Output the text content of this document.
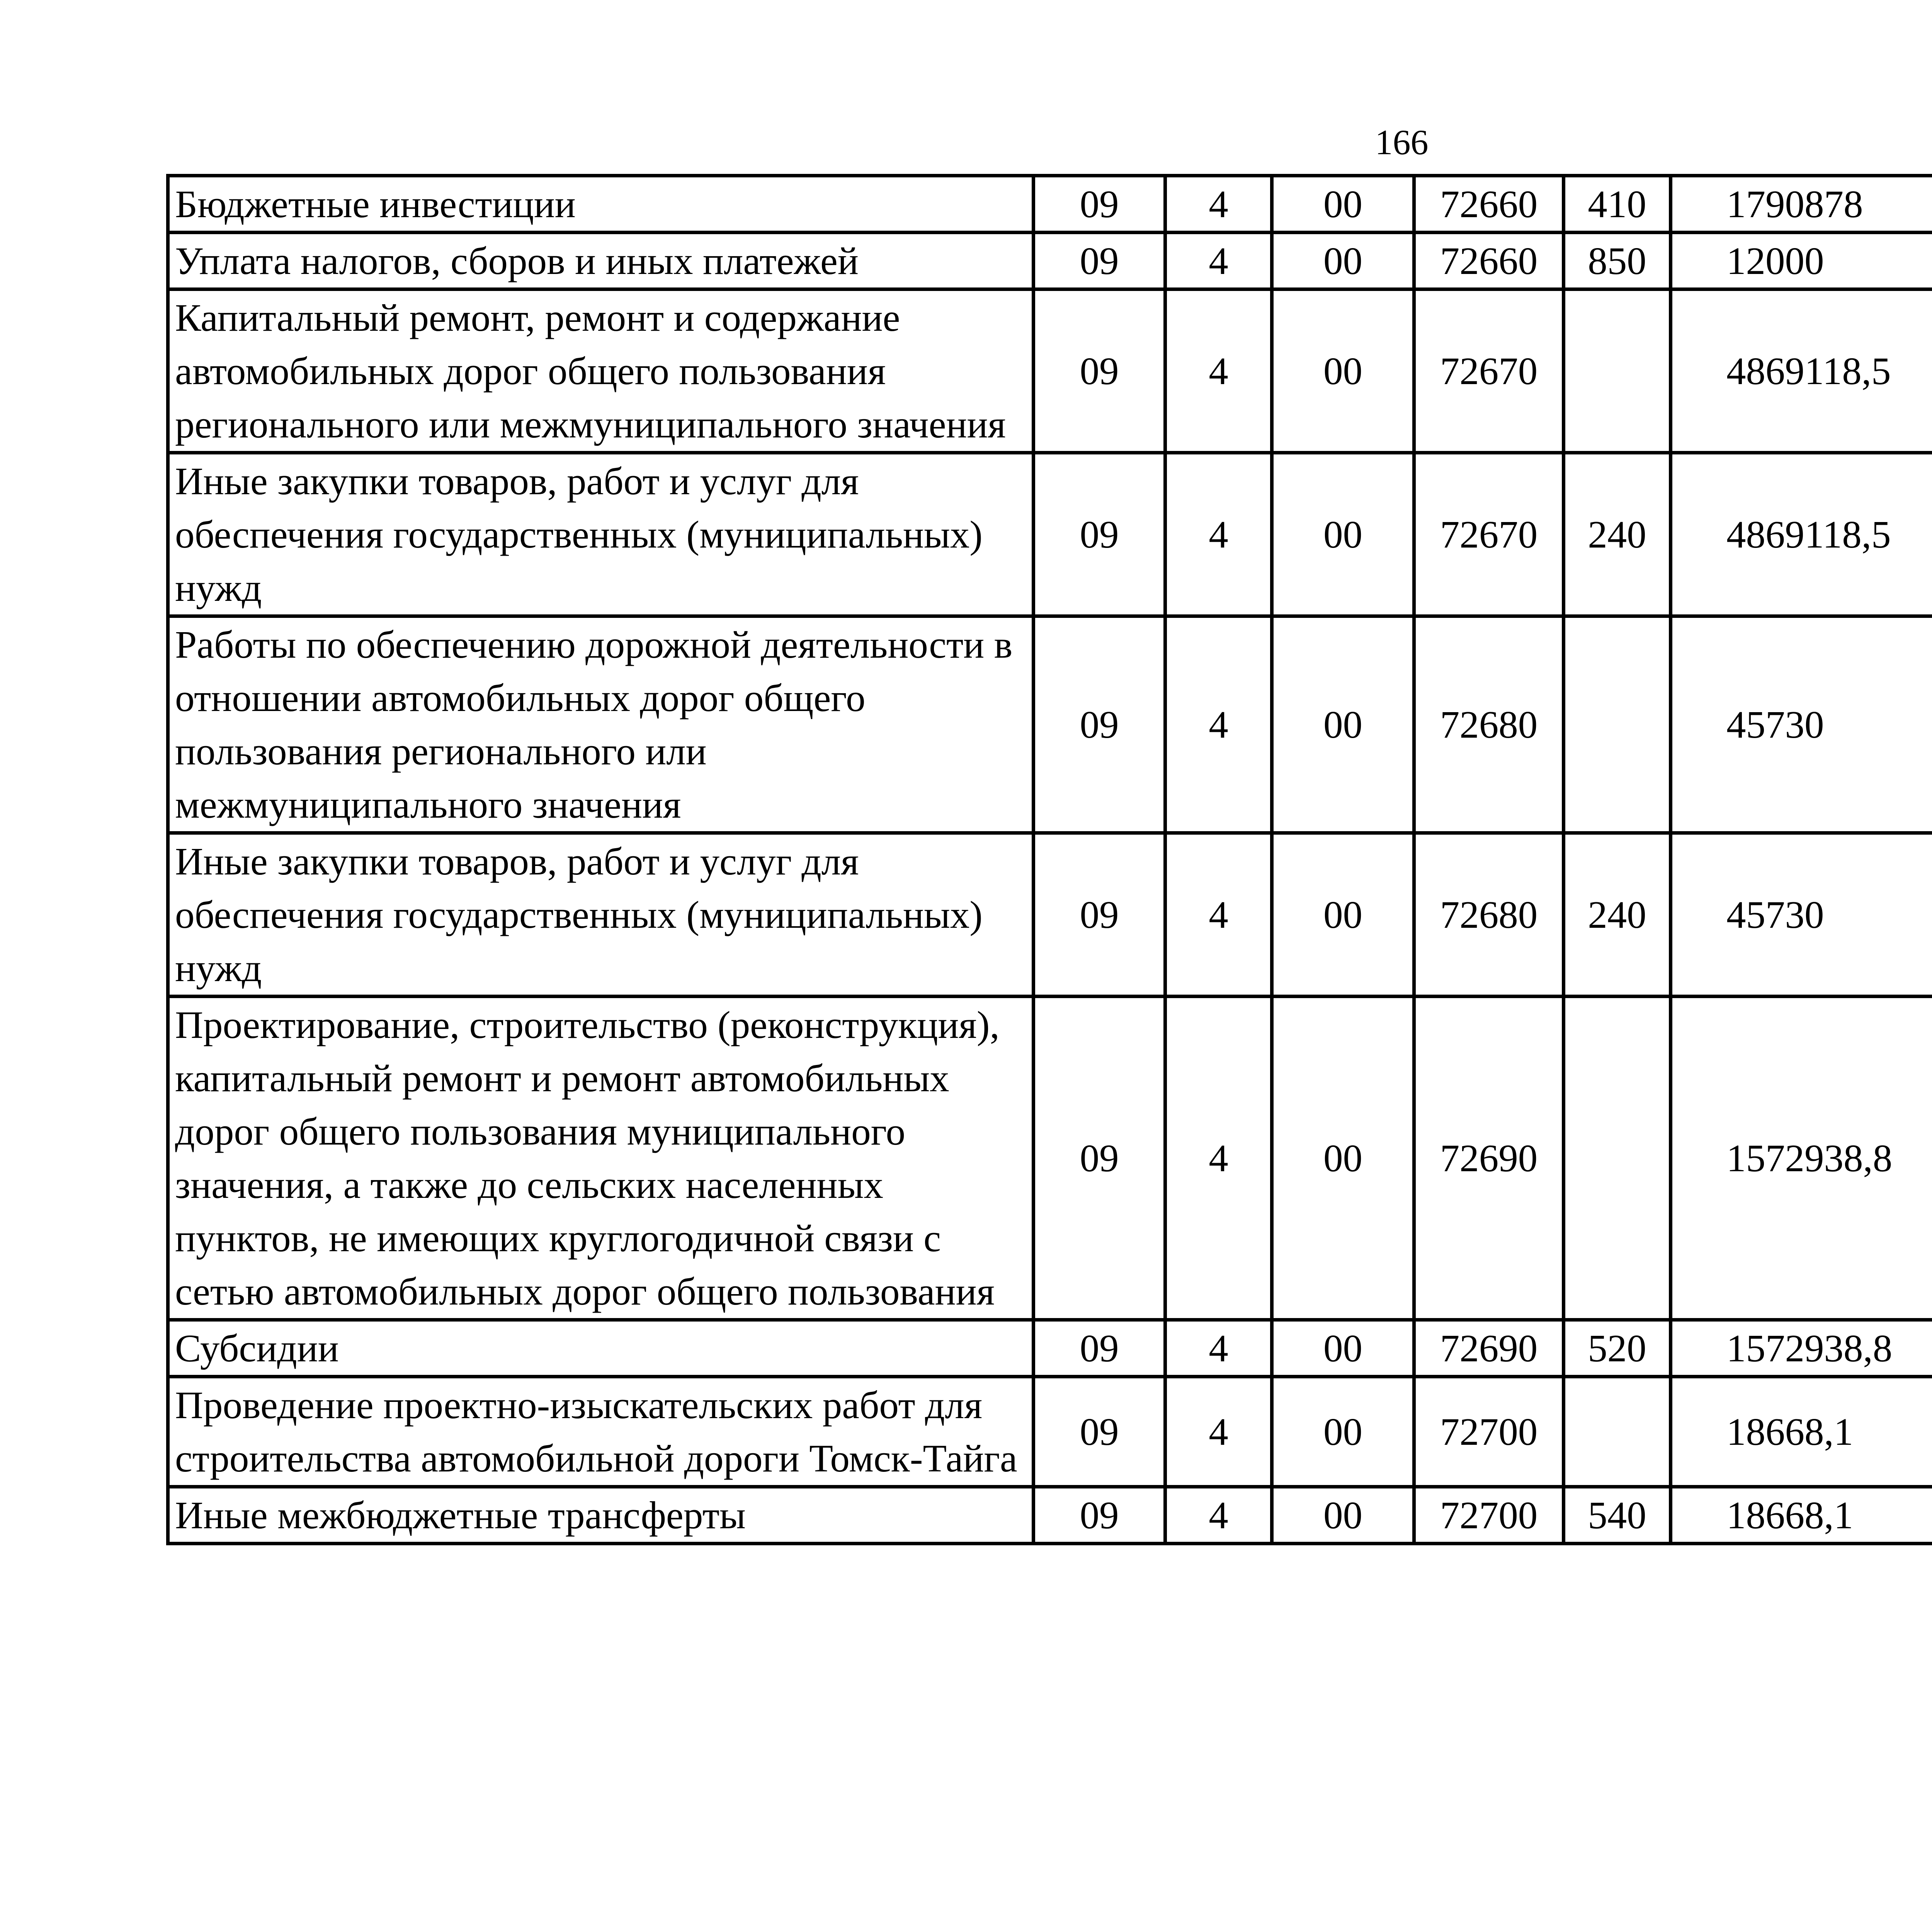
166
Бюджетные инвестиции	09	4	00	72660	410	1790878		
Уплата налогов, сборов и иных платежей	09	4	00	72660	850	12000		
Капитальный ремонт, ремонт и содержание автомобильных дорог общего пользования регионального или межмуниципального значения	09	4	00	72670		4869118,5		
Иные закупки товаров, работ и услуг для обеспечения государственных (муниципальных) нужд	09	4	00	72670	240	4869118,5		
Работы по обеспечению дорожной деятельности в отношении автомобильных дорог общего пользования регионального или межмуниципального значения	09	4	00	72680		45730		
Иные закупки товаров, работ и услуг для обеспечения государственных (муниципальных) нужд	09	4	00	72680	240	45730		
Проектирование, строительство (реконструкция), капитальный ремонт и ремонт автомобильных дорог общего пользования муниципального значения, а также до сельских населенных пунктов, не имеющих круглогодичной связи с сетью автомобильных дорог общего пользования	09	4	00	72690		1572938,8		
Субсидии	09	4	00	72690	520	1572938,8		
Проведение проектно-изыскательских работ для строительства автомобильной дороги Томск-Тайга	09	4	00	72700		18668,1		
Иные межбюджетные трансферты	09	4	00	72700	540	18668,1		
